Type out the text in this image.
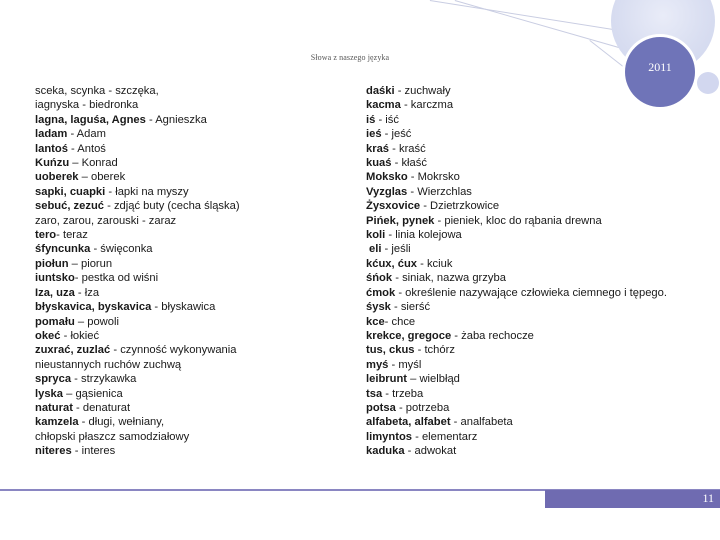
2011
Słowa z naszego języka
sceka, scynka - szczęka,
iagnyska - biedronka
lagna, laguśa, Agnes - Agnieszka
ladam - Adam
lantoś - Antoś
Kuńzu – Konrad
uoberek – oberek
sapki, cuapki - łapki na myszy
sebuć, zezuć - zdjąć buty (cecha śląska)
zaro, zarou, zarouski - zaraz
tero- teraz
śfyncunka - święconka
piołun – piorun
iuntsko- pestka od wiśni
Iza, uza - łza
błyskavica, byskavica - błyskawica
pomału – powoli
okeć - łokieć
zuxrać, zuzlać - czynność wykonywania
nieustannych ruchów zuchwą
spryca - strzykawka
lyska – gąsienica
naturat - denaturat
kamzela - długi, wełniany,
chłopski płaszcz samodziałowy
niteres - interes
daśki - zuchwały
kacma - karczma
iś - iść
ieś - jeść
kraś - kraść
kuaś - kłaść
Moksko - Mokrsko
Vyzglas - Wierzchlas
Żysxovice - Dzietrzkowice
Pińek, pynek - pieniek, kloc do rąbania drewna
koli - linia kolejowa
eli - jeśli
kćux, ćux - kciuk
śńok - siniak, nazwa grzyba
ćmok - określenie nazywające człowieka ciemnego i tępego.
śysk - sierść
kce- chce
krekce, gregoce - żaba rechocze
tus, ckus - tchórz
myś - myśl
leibrunt – wielbłąd
tsa - trzeba
potsa - potrzeba
alfabeta, alfabet - analfabeta
limyntos - elementarz
kaduka - adwokat
11
